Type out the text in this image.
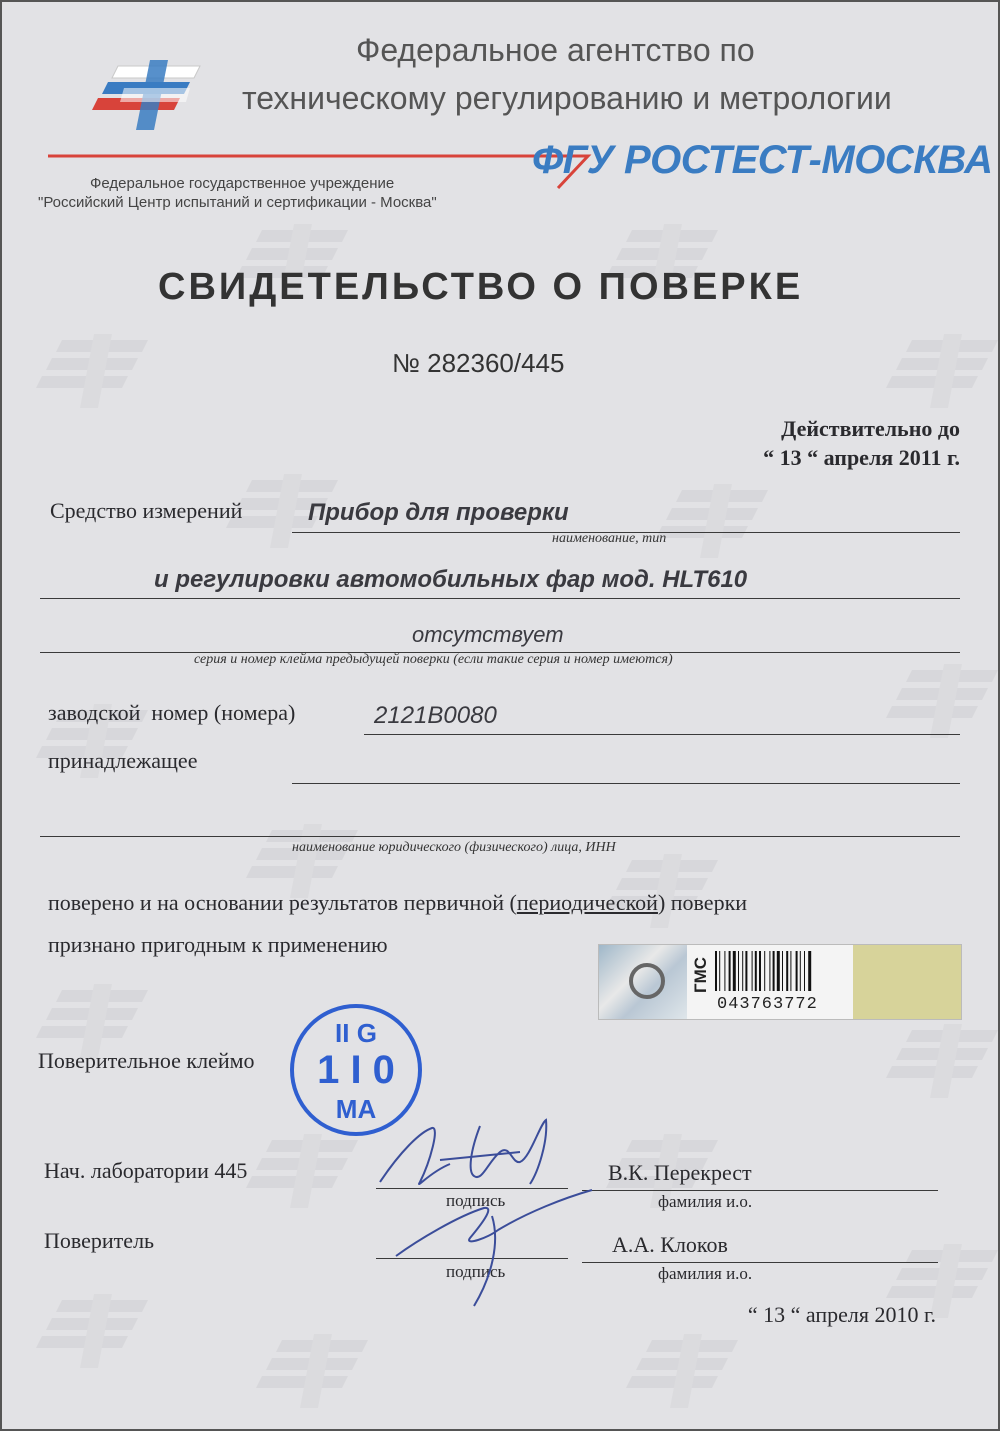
Федеральное агентство по
техническому регулированию и метрологии
ФГУ РОСТЕСТ-МОСКВА
Федеральное государственное учреждение
"Российский Центр испытаний и сертификации - Москва"
СВИДЕТЕЛЬСТВО О ПОВЕРКЕ
№ 282360/445
Действительно до
“ 13 “ апреля 2011 г.
Средство измерений	Прибор для проверки
наименование, тип
и регулировки автомобильных фар мод. HLT610
отсутствует
серия и номер клейма предыдущей поверки (если такие серия и номер имеются)
заводской  номер (номера)	2121B0080
принадлежащее
наименование юридического (физического) лица, ИНН
поверено и на основании результатов первичной (периодической) поверки
признано пригодным к применению
ГМС
043763772
Поверительное клеймо
II G
1 I 0
MA
Нач. лаборатории 445
подпись
В.К. Перекрест
фамилия и.о.
Поверитель
подпись
А.А. Клоков
фамилия и.о.
“ 13 “ апреля 2010 г.
